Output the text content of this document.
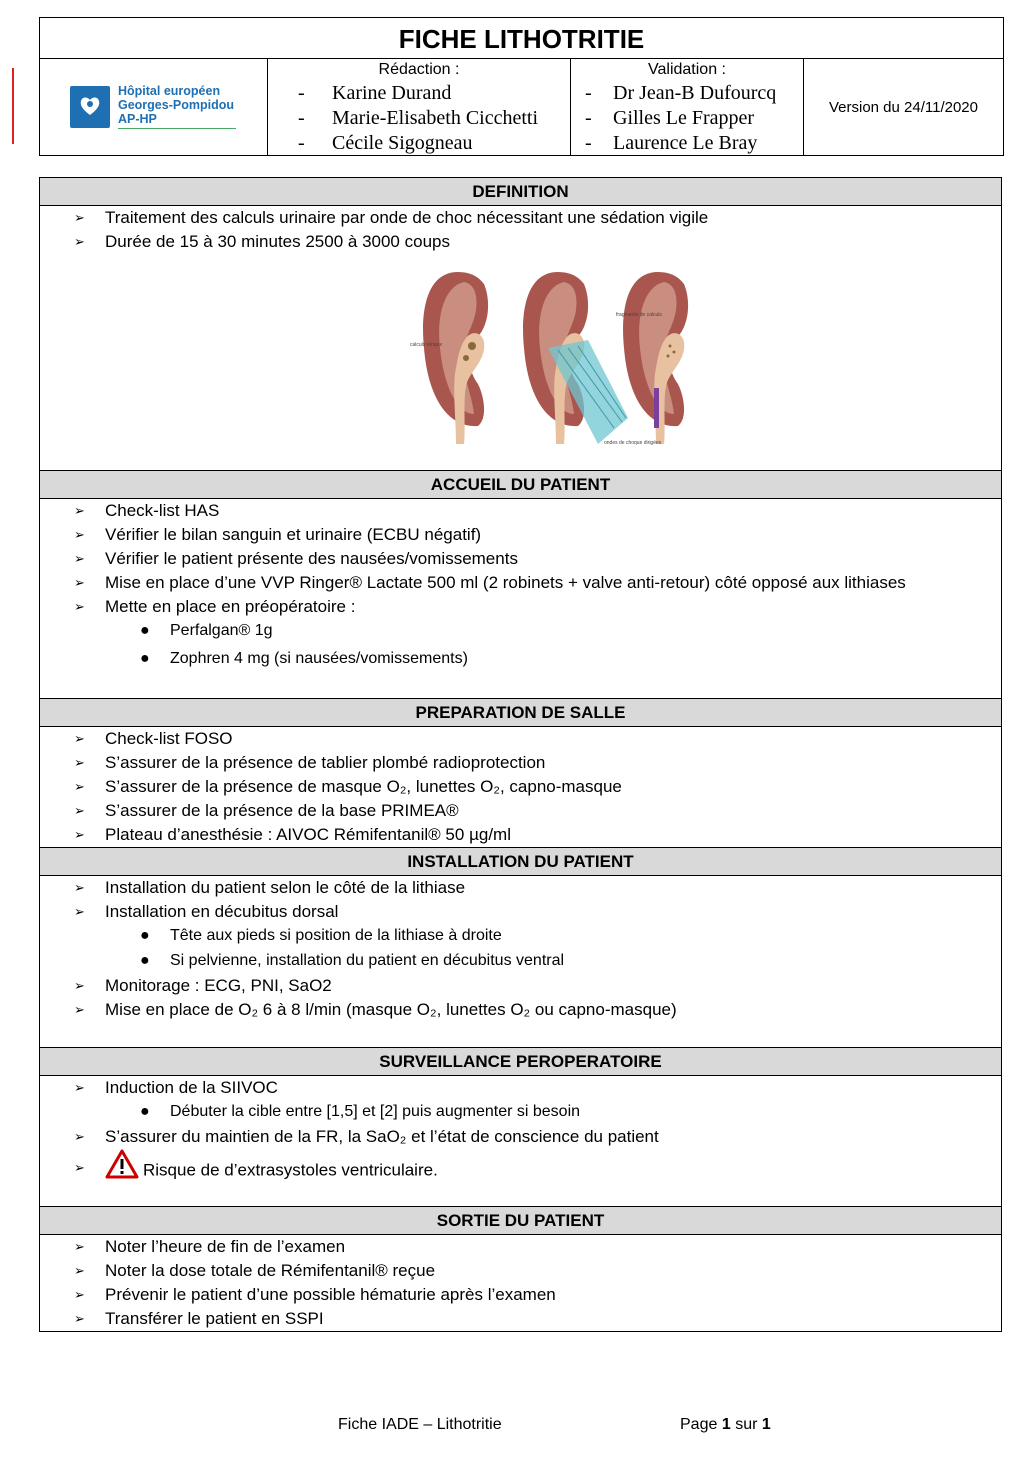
FICHE LITHOTRITIE
Hôpital européen
Georges-Pompidou
AP-HP
Rédaction :
- Karine Durand
- Marie-Elisabeth Cicchetti
- Cécile Sigogneau
Validation :
- Dr Jean-B Dufourcq
- Gilles Le Frapper
- Laurence Le Bray
Version du 24/11/2020
DEFINITION
➢ Traitement des calculs urinaire par onde de choc nécessitant une sédation vigile
➢ Durée de 15 à 30 minutes 2500 à 3000 coups
calculs rénaux
fragments de calculs
ondes de choque dirigées
ACCUEIL DU PATIENT
➢ Check-list HAS
➢ Vérifier le bilan sanguin et urinaire (ECBU négatif)
➢ Vérifier le patient présente des nausées/vomissements
➢ Mise en place d’une VVP Ringer® Lactate 500 ml (2 robinets + valve anti-retour) côté opposé aux lithiases
➢ Mette en place en préopératoire :
● Perfalgan® 1g
● Zophren 4 mg (si nausées/vomissements)
PREPARATION DE SALLE
➢ Check-list FOSO
➢ S’assurer de la présence de tablier plombé radioprotection
➢ S’assurer de la présence de masque O₂, lunettes O₂, capno-masque
➢ S’assurer de la présence de la base PRIMEA®
➢ Plateau d’anesthésie : AIVOC Rémifentanil® 50 µg/ml
INSTALLATION DU PATIENT
➢ Installation du patient selon le côté de la lithiase
➢ Installation en décubitus dorsal
● Tête aux pieds si position de la lithiase à droite
● Si pelvienne, installation du patient en décubitus ventral
➢ Monitorage : ECG, PNI, SaO2
➢ Mise en place de O₂ 6 à 8 l/min (masque O₂, lunettes O₂ ou capno-masque)
SURVEILLANCE PEROPERATOIRE
➢ Induction de la SIIVOC
● Débuter la cible entre [1,5] et [2] puis augmenter si besoin
➢ S’assurer du maintien de la FR, la SaO₂ et l’état de conscience du patient
➢	Risque de d’extrasystoles ventriculaire.
SORTIE DU PATIENT
➢ Noter l’heure de fin de l’examen
➢ Noter la dose totale de Rémifentanil® reçue
➢ Prévenir le patient d’une possible hématurie après l’examen
➢ Transférer le patient en SSPI
Fiche IADE – Lithotritie	Page 1 sur 1
